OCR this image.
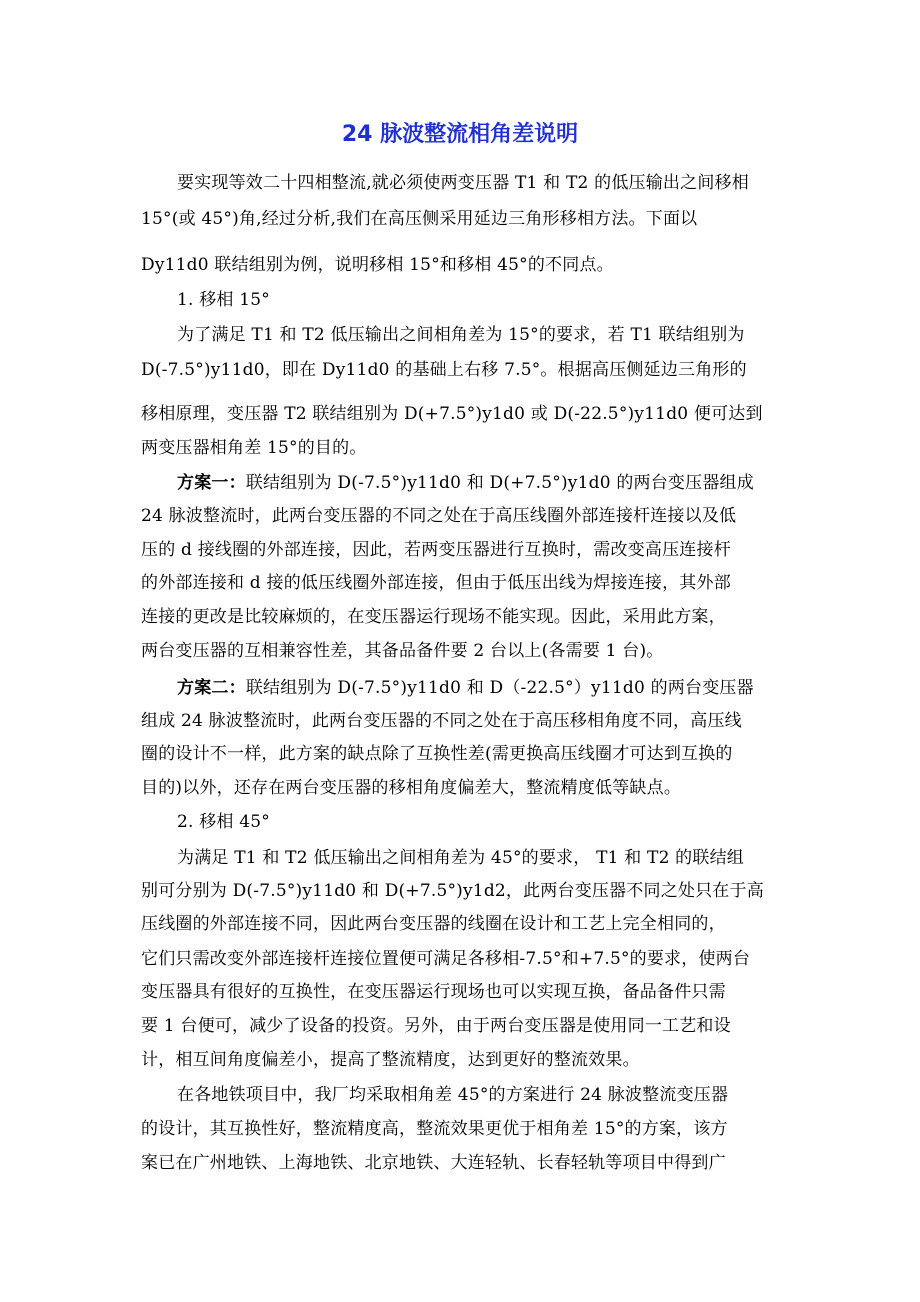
24 脉波整流相角差说明
要实现等效二十四相整流,就必须使两变压器 T1 和 T2 的低压输出之间移相
15°(或 45°)角,经过分析,我们在高压侧采用延边三角形移相方法。下面以
Dy11d0 联结组别为例，说明移相 15°和移相 45°的不同点。
1. 移相 15°
为了满足 T1 和 T2 低压输出之间相角差为 15°的要求，若 T1 联结组别为
D(-7.5°)y11d0，即在 Dy11d0 的基础上右移 7.5°。根据高压侧延边三角形的
移相原理，变压器 T2 联结组别为 D(+7.5°)y1d0 或 D(-22.5°)y11d0 便可达到
两变压器相角差 15°的目的。
方案一：联结组别为 D(-7.5°)y11d0 和 D(+7.5°)y1d0 的两台变压器组成
24 脉波整流时，此两台变压器的不同之处在于高压线圈外部连接杆连接以及低
压的 d 接线圈的外部连接，因此，若两变压器进行互换时，需改变高压连接杆
的外部连接和 d 接的低压线圈外部连接，但由于低压出线为焊接连接，其外部
连接的更改是比较麻烦的，在变压器运行现场不能实现。因此，采用此方案，
两台变压器的互相兼容性差，其备品备件要 2 台以上(各需要 1 台)。
方案二：联结组别为 D(-7.5°)y11d0 和 D（-22.5°）y11d0 的两台变压器
组成 24 脉波整流时，此两台变压器的不同之处在于高压移相角度不同，高压线
圈的设计不一样，此方案的缺点除了互换性差(需更换高压线圈才可达到互换的
目的)以外，还存在两台变压器的移相角度偏差大，整流精度低等缺点。
2. 移相 45°
为满足 T1 和 T2 低压输出之间相角差为 45°的要求， T1 和 T2 的联结组
别可分别为 D(-7.5°)y11d0 和 D(+7.5°)y1d2，此两台变压器不同之处只在于高
压线圈的外部连接不同，因此两台变压器的线圈在设计和工艺上完全相同的，
它们只需改变外部连接杆连接位置便可满足各移相-7.5°和+7.5°的要求，使两台
变压器具有很好的互换性，在变压器运行现场也可以实现互换，备品备件只需
要 1 台便可，减少了设备的投资。另外，由于两台变压器是使用同一工艺和设
计，相互间角度偏差小，提高了整流精度，达到更好的整流效果。
在各地铁项目中，我厂均采取相角差 45°的方案进行 24 脉波整流变压器
的设计，其互换性好，整流精度高，整流效果更优于相角差 15°的方案，该方
案已在广州地铁、上海地铁、北京地铁、大连轻轨、长春轻轨等项目中得到广
